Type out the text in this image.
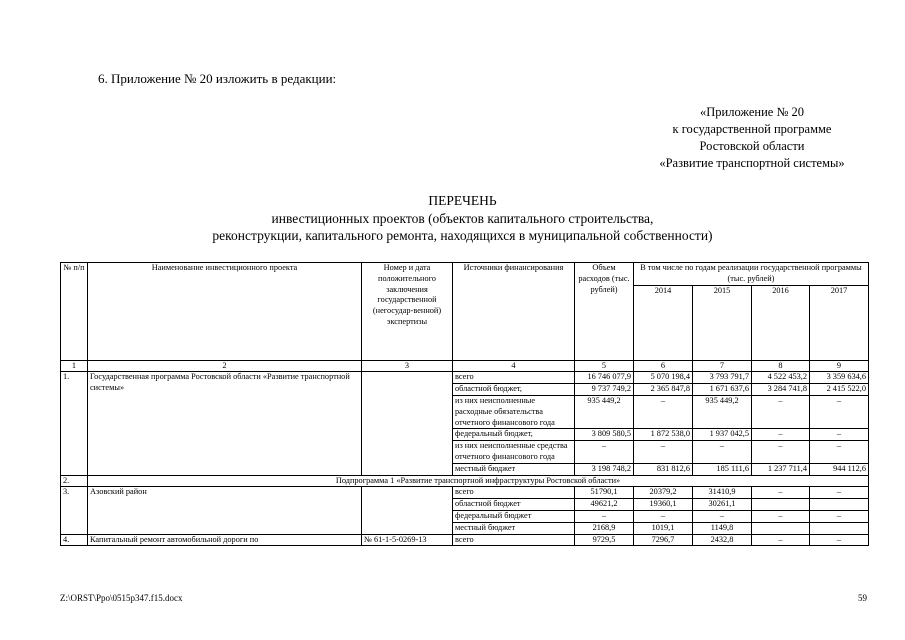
6. Приложение № 20 изложить в редакции:
«Приложение № 20
к государственной программе
Ростовской области
«Развитие транспортной системы»
ПЕРЕЧЕНЬ
инвестиционных проектов (объектов капитального строительства,
реконструкции, капитального ремонта, находящихся в муниципальной собственности)
№ п/п	Наименование инвестиционного проекта	Номер и дата положительного заключения государственной (негосудар-венной) экспертизы	Источники финансирования	Объем расходов (тыс. рублей)	В том числе по годам реализации государственной программы (тыс. рублей)			
					2014	2015	2016	2017
1	2	3	4	5	6	7	8	9
1.	Государственная программа Ростовской области «Развитие транспортной системы»		всего	16 746 077,9	5 070 198,4	3 793 791,7	4 522 453,2	3 359 634,6
			областной бюджет,	9 737 749,2	2 365 847,8	1 671 637,6	3 284 741,8	2 415 522,0
			из них неисполненные расходные обязательства отчетного финансового года	935 449,2	–	935 449,2	–	–
			федеральный бюджет,	3 809 580,5	1 872 538,0	1 937 042,5	–	–
			из них неисполненные средства отчетного финансового года	–	–	–	–	–
			местный бюджет	3 198 748,2	831 812,6	185 111,6	1 237 711,4	944 112,6
2.	Подпрограмма 1 «Развитие транспортной инфраструктуры Ростовской области»							
3.	Азовский район		всего	51790,1	20379,2	31410,9	–	–
			областной бюджет	49621,2	19360,1	30261,1		
			федеральный бюджет	–	–	–	–	–
			местный бюджет	2168,9	1019,1	1149,8		
4.	Капитальный ремонт автомобильной дороги по	№ 61-1-5-0269-13	всего	9729,5	7296,7	2432,8	–	–
Z:\ORST\Ppo\0515p347.f15.docx	59
